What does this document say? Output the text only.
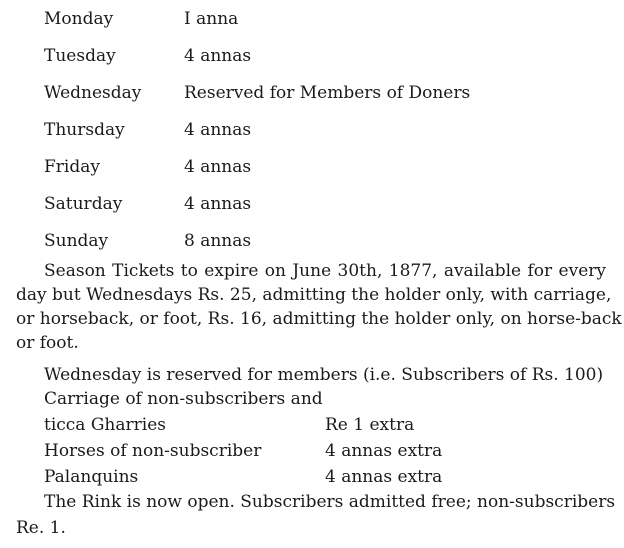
Monday	I anna
Tuesday	4 annas
Wednesday	Reserved for Members of Doners
Thursday	4 annas
Friday	4 annas
Saturday	4 annas
Sunday	8 annas
Season Tickets to expire on June 30th, 1877, available for every
day but Wednesdays Rs. 25, admitting the holder only, with carriage,
or horseback, or foot, Rs. 16, admitting the holder only, on horse-back
or foot.
Wednesday is reserved for members (i.e. Subscribers of Rs. 100)
Carriage of non-subscribers and
ticca Gharries	Re 1 extra
Horses of non-subscriber	4 annas extra
Palanquins	4 annas extra
The Rink is now open. Subscribers admitted free; non-subscribers
Re. 1.
